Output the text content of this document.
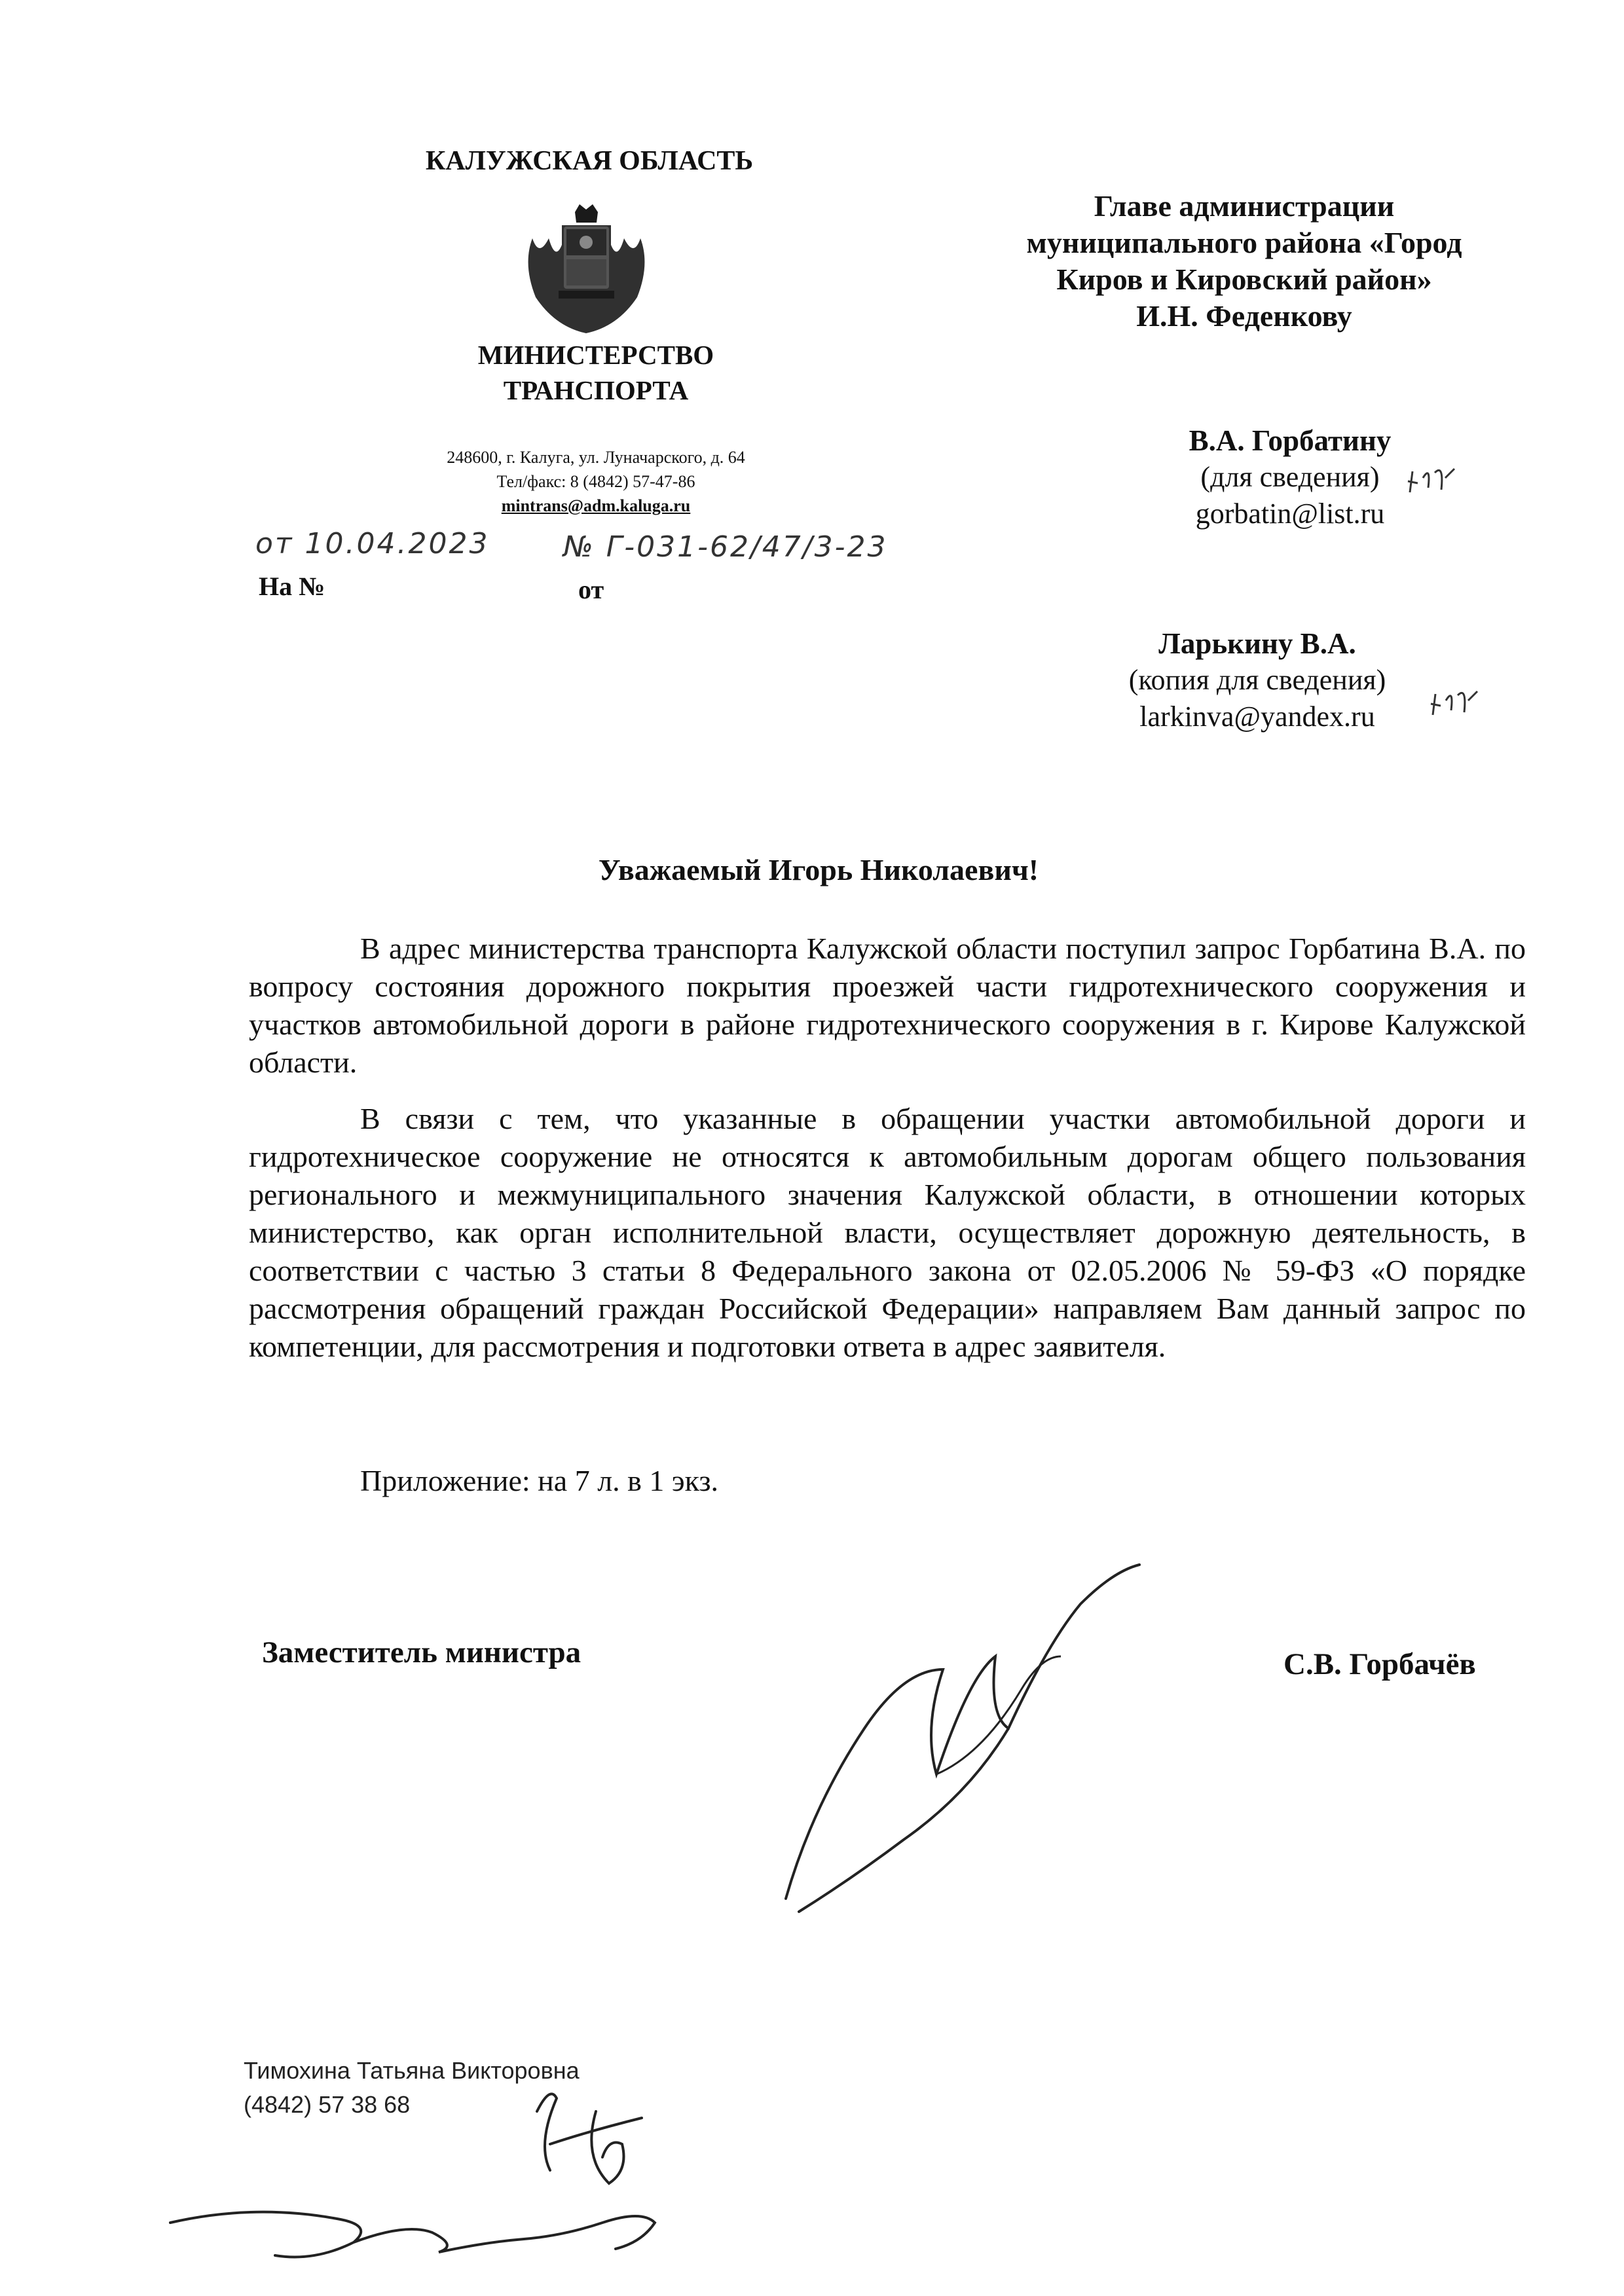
КАЛУЖСКАЯ ОБЛАСТЬ
МИНИСТЕРСТВО
ТРАНСПОРТА
248600, г. Калуга, ул. Луначарского, д. 64
Тел/факс: 8 (4842) 57-47-86
mintrans@adm.kaluga.ru
от 10.04.2023	№ Г-031-62/47/3-23
На №	от
Главе администрации
муниципального района «Город
Киров и Кировский район»
И.Н. Феденкову
В.А. Горбатину
(для сведения)
gorbatin@list.ru
Ларькину В.А.
(копия для сведения)
larkinva@yandex.ru
Уважаемый Игорь Николаевич!

В адрес министерства транспорта Калужской области поступил запрос Горбатина В.А. по вопросу состояния дорожного покрытия проезжей части гидротехнического сооружения и участков автомобильной дороги в районе гидротехнического сооружения в г. Кирове Калужской области.

В связи с тем, что указанные в обращении участки автомобильной дороги и гидротехническое сооружение не относятся к автомобильным дорогам общего пользования регионального и межмуниципального значения Калужской области, в отношении которых министерство, как орган исполнительной власти, осуществляет дорожную деятельность, в соответствии с частью 3 статьи 8 Федерального закона от 02.05.2006 № 59-ФЗ «О порядке рассмотрения обращений граждан Российской Федерации» направляем Вам данный запрос по компетенции, для рассмотрения и подготовки ответа в адрес заявителя.

Приложение: на 7 л. в 1 экз.
Заместитель министра	С.В. Горбачёв
Тимохина Татьяна Викторовна
(4842) 57 38 68
